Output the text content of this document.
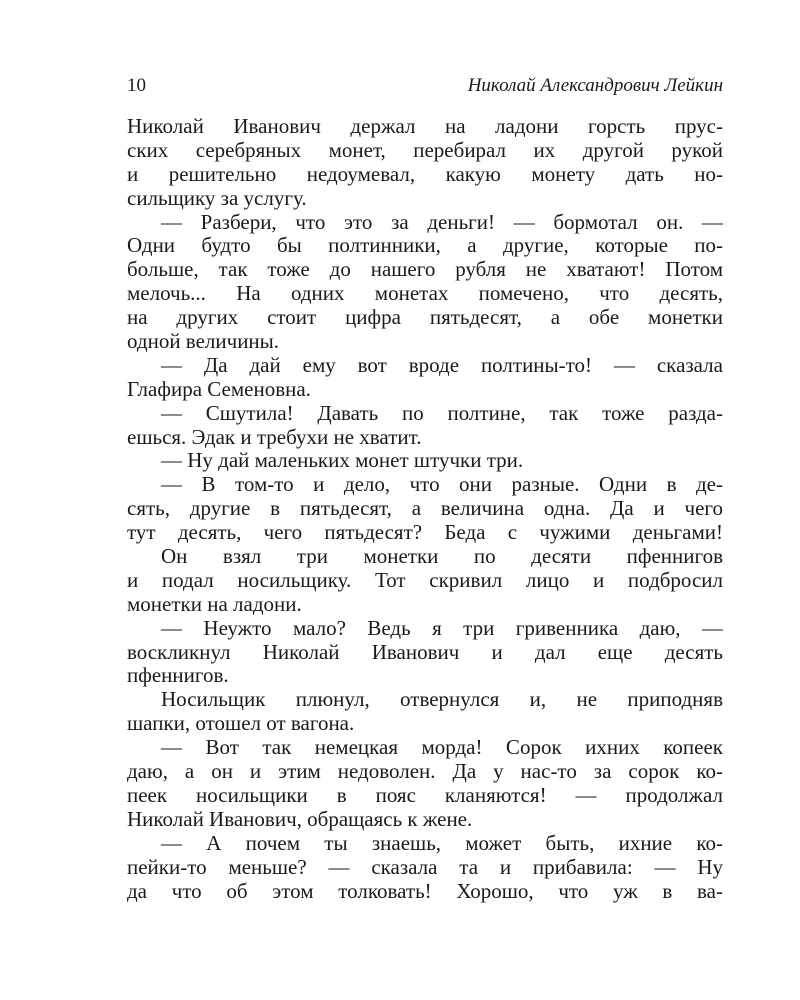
10	Николай Александрович Лейкин
Николай Иванович держал на ладони горсть прус-
ских серебряных монет, перебирал их другой рукой
и решительно недоумевал, какую монету дать но-
сильщику за услугу.
— Разбери, что это за деньги! — бормотал он. —
Одни будто бы полтинники, а другие, которые по-
больше, так тоже до нашего рубля не хватают! Потом
мелочь... На одних монетах помечено, что десять,
на других стоит цифра пятьдесят, а обе монетки
одной величины.
— Да дай ему вот вроде полтины-то! — сказала
Глафира Семеновна.
— Сшутила! Давать по полтине, так тоже разда-
ешься. Эдак и требухи не хватит.
— Ну дай маленьких монет штучки три.
— В том-то и дело, что они разные. Одни в де-
сять, другие в пятьдесят, а величина одна. Да и чего
тут десять, чего пятьдесят? Беда с чужими деньгами!
Он взял три монетки по десяти пфеннигов
и подал носильщику. Тот скривил лицо и подбросил
монетки на ладони.
— Неужто мало? Ведь я три гривенника даю, —
воскликнул Николай Иванович и дал еще десять
пфеннигов.
Носильщик плюнул, отвернулся и, не приподняв
шапки, отошел от вагона.
— Вот так немецкая морда! Сорок ихних копеек
даю, а он и этим недоволен. Да у нас-то за сорок ко-
пеек носильщики в пояс кланяются! — продолжал
Николай Иванович, обращаясь к жене.
— А почем ты знаешь, может быть, ихние ко-
пейки-то меньше? — сказала та и прибавила: — Ну
да что об этом толковать! Хорошо, что уж в ва-
